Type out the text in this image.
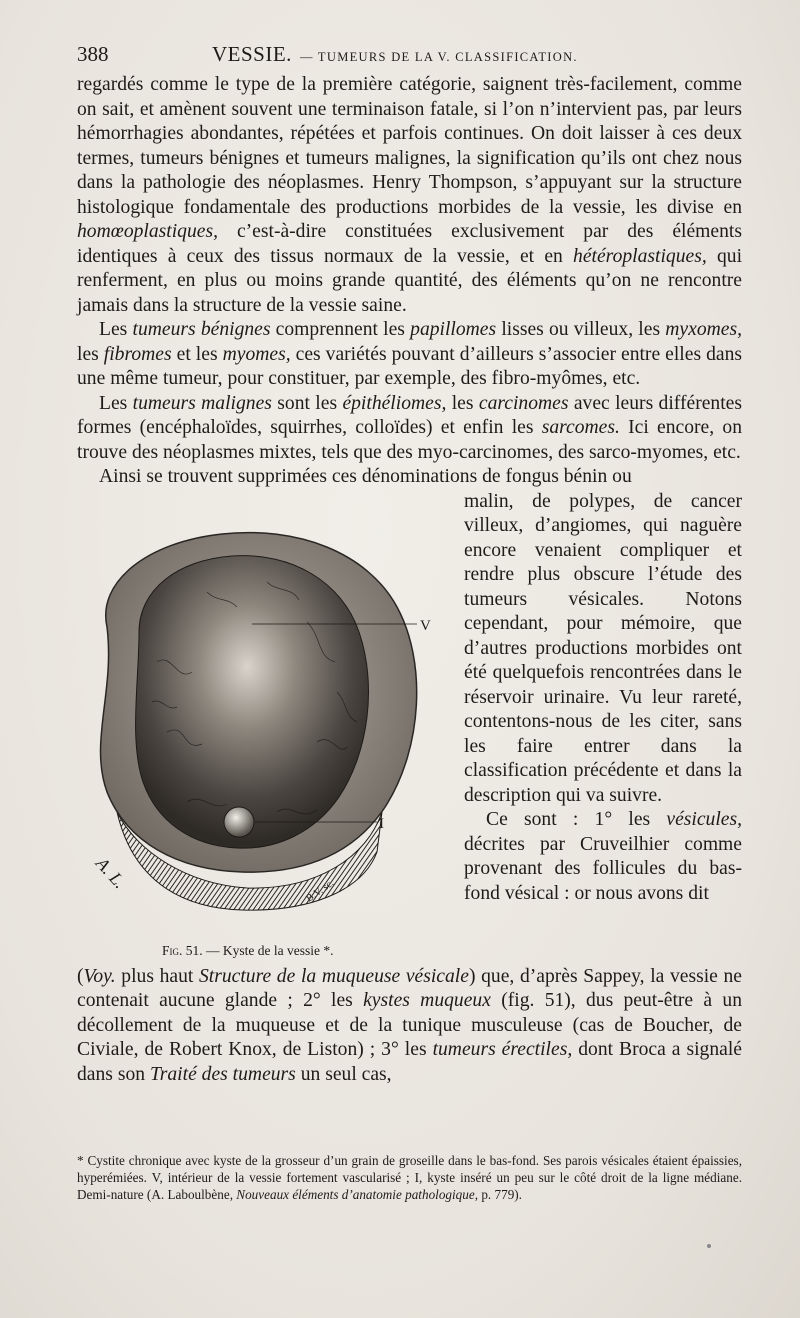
388	VESSIE. — TUMEURS DE LA V. CLASSIFICATION.

regardés comme le type de la première catégorie, saignent très-facilement, comme on sait, et amènent souvent une terminaison fatale, si l’on n’intervient pas, par leurs hémorrhagies abondantes, répétées et parfois continues. On doit laisser à ces deux termes, tumeurs bénignes et tumeurs malignes, la signification qu’ils ont chez nous dans la pathologie des néoplasmes. Henry Thompson, s’appuyant sur la structure histologique fondamentale des productions morbides de la vessie, les divise en homœoplastiques, c’est-à-dire constituées exclusivement par des éléments identiques à ceux des tissus normaux de la vessie, et en hétéroplastiques, qui renferment, en plus ou moins grande quantité, des éléments qu’on ne rencontre jamais dans la structure de la vessie saine.

Les tumeurs bénignes comprennent les papillomes lisses ou villeux, les myxomes, les fibromes et les myomes, ces variétés pouvant d’ailleurs s’associer entre elles dans une même tumeur, pour constituer, par exemple, des fibro-myômes, etc.

Les tumeurs malignes sont les épithéliomes, les carcinomes avec leurs différentes formes (encéphaloïdes, squirrhes, colloïdes) et enfin les sarcomes. Ici encore, on trouve des néoplasmes mixtes, tels que des myo-carcinomes, des sarco-myomes, etc.

Ainsi se trouvent supprimées ces dénominations de fongus bénin ou

V
I
A. L.	B.V. sc.
Fig. 51. — Kyste de la vessie *.
malin, de polypes, de cancer villeux, d’angiomes, qui naguère encore venaient compliquer et rendre plus obscure l’étude des tumeurs vésicales. Notons cependant, pour mémoire, que d’autres productions morbides ont été quelquefois rencontrées dans le réservoir urinaire. Vu leur rareté, contentons-nous de les citer, sans les faire entrer dans la classification précédente et dans la description qui va suivre.
Ce sont : 1° les vésicules, décrites par Cruveilhier comme provenant des follicules du bas-fond vésical : or nous avons dit

(Voy. plus haut Structure de la muqueuse vésicale) que, d’après Sappey, la vessie ne contenait aucune glande ; 2° les kystes muqueux (fig. 51), dus peut-être à un décollement de la muqueuse et de la tunique musculeuse (cas de Boucher, de Civiale, de Robert Knox, de Liston) ; 3° les tumeurs érectiles, dont Broca a signalé dans son Traité des tumeurs un seul cas,

* Cystite chronique avec kyste de la grosseur d’un grain de groseille dans le bas-fond. Ses parois vésicales étaient épaissies, hyperémiées. V, intérieur de la vessie fortement vascularisé ; I, kyste inséré un peu sur le côté droit de la ligne médiane. Demi-nature (A. Laboulbène, Nouveaux éléments d’anatomie pathologique, p. 779).
